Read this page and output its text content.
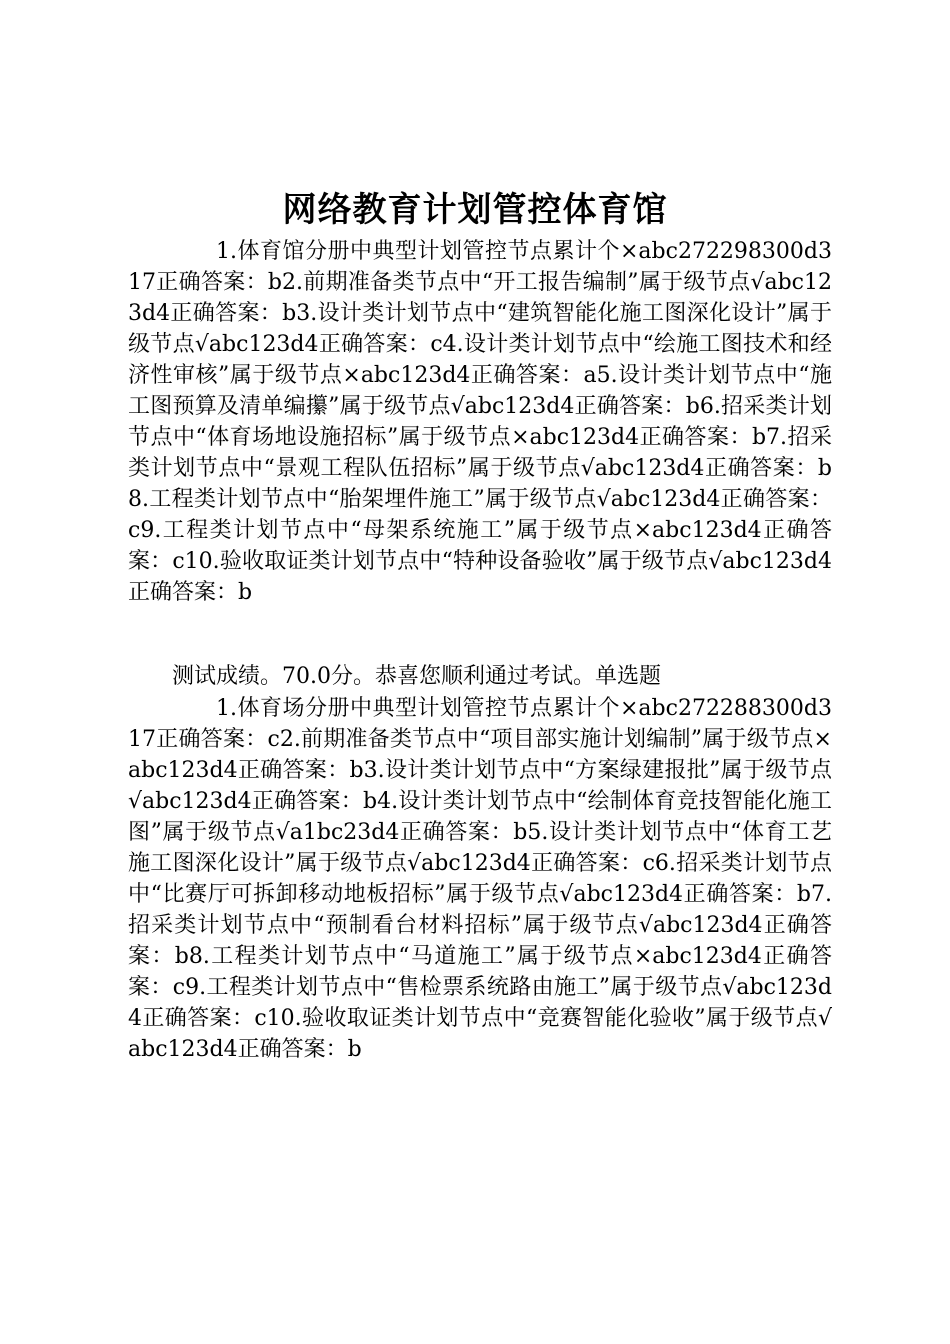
网络教育计划管控体育馆

1.体育馆分册中典型计划管控节点累计个×abc272298300d317正确答案：b2.前期准备类节点中“开工报告编制”属于级节点√abc123d4正确答案：b3.设计类计划节点中“建筑智能化施工图深化设计”属于级节点√abc123d4正确答案：c4.设计类计划节点中“绘施工图技术和经济性审核”属于级节点×abc123d4正确答案：a5.设计类计划节点中“施工图预算及清单编攥”属于级节点√abc123d4正确答案：b6.招采类计划节点中“体育场地设施招标”属于级节点×abc123d4正确答案：b7.招采类计划节点中“景观工程队伍招标”属于级节点√abc123d4正确答案：b8.工程类计划节点中“胎架埋件施工”属于级节点√abc123d4正确答案：c9.工程类计划节点中“母架系统施工”属于级节点×abc123d4正确答案：c10.验收取证类计划节点中“特种设备验收”属于级节点√abc123d4正确答案：b

测试成绩。70.0分。恭喜您顺利通过考试。单选题

1.体育场分册中典型计划管控节点累计个×abc272288300d317正确答案：c2.前期准备类节点中“项目部实施计划编制”属于级节点×abc123d4正确答案：b3.设计类计划节点中“方案绿建报批”属于级节点√abc123d4正确答案：b4.设计类计划节点中“绘制体育竞技智能化施工图”属于级节点√a1bc23d4正确答案：b5.设计类计划节点中“体育工艺施工图深化设计”属于级节点√abc123d4正确答案：c6.招采类计划节点中“比赛厅可拆卸移动地板招标”属于级节点√abc123d4正确答案：b7.招采类计划节点中“预制看台材料招标”属于级节点√abc123d4正确答案：b8.工程类计划节点中“马道施工”属于级节点×abc123d4正确答案：c9.工程类计划节点中“售检票系统路由施工”属于级节点√abc123d4正确答案：c10.验收取证类计划节点中“竞赛智能化验收”属于级节点√abc123d4正确答案：b
